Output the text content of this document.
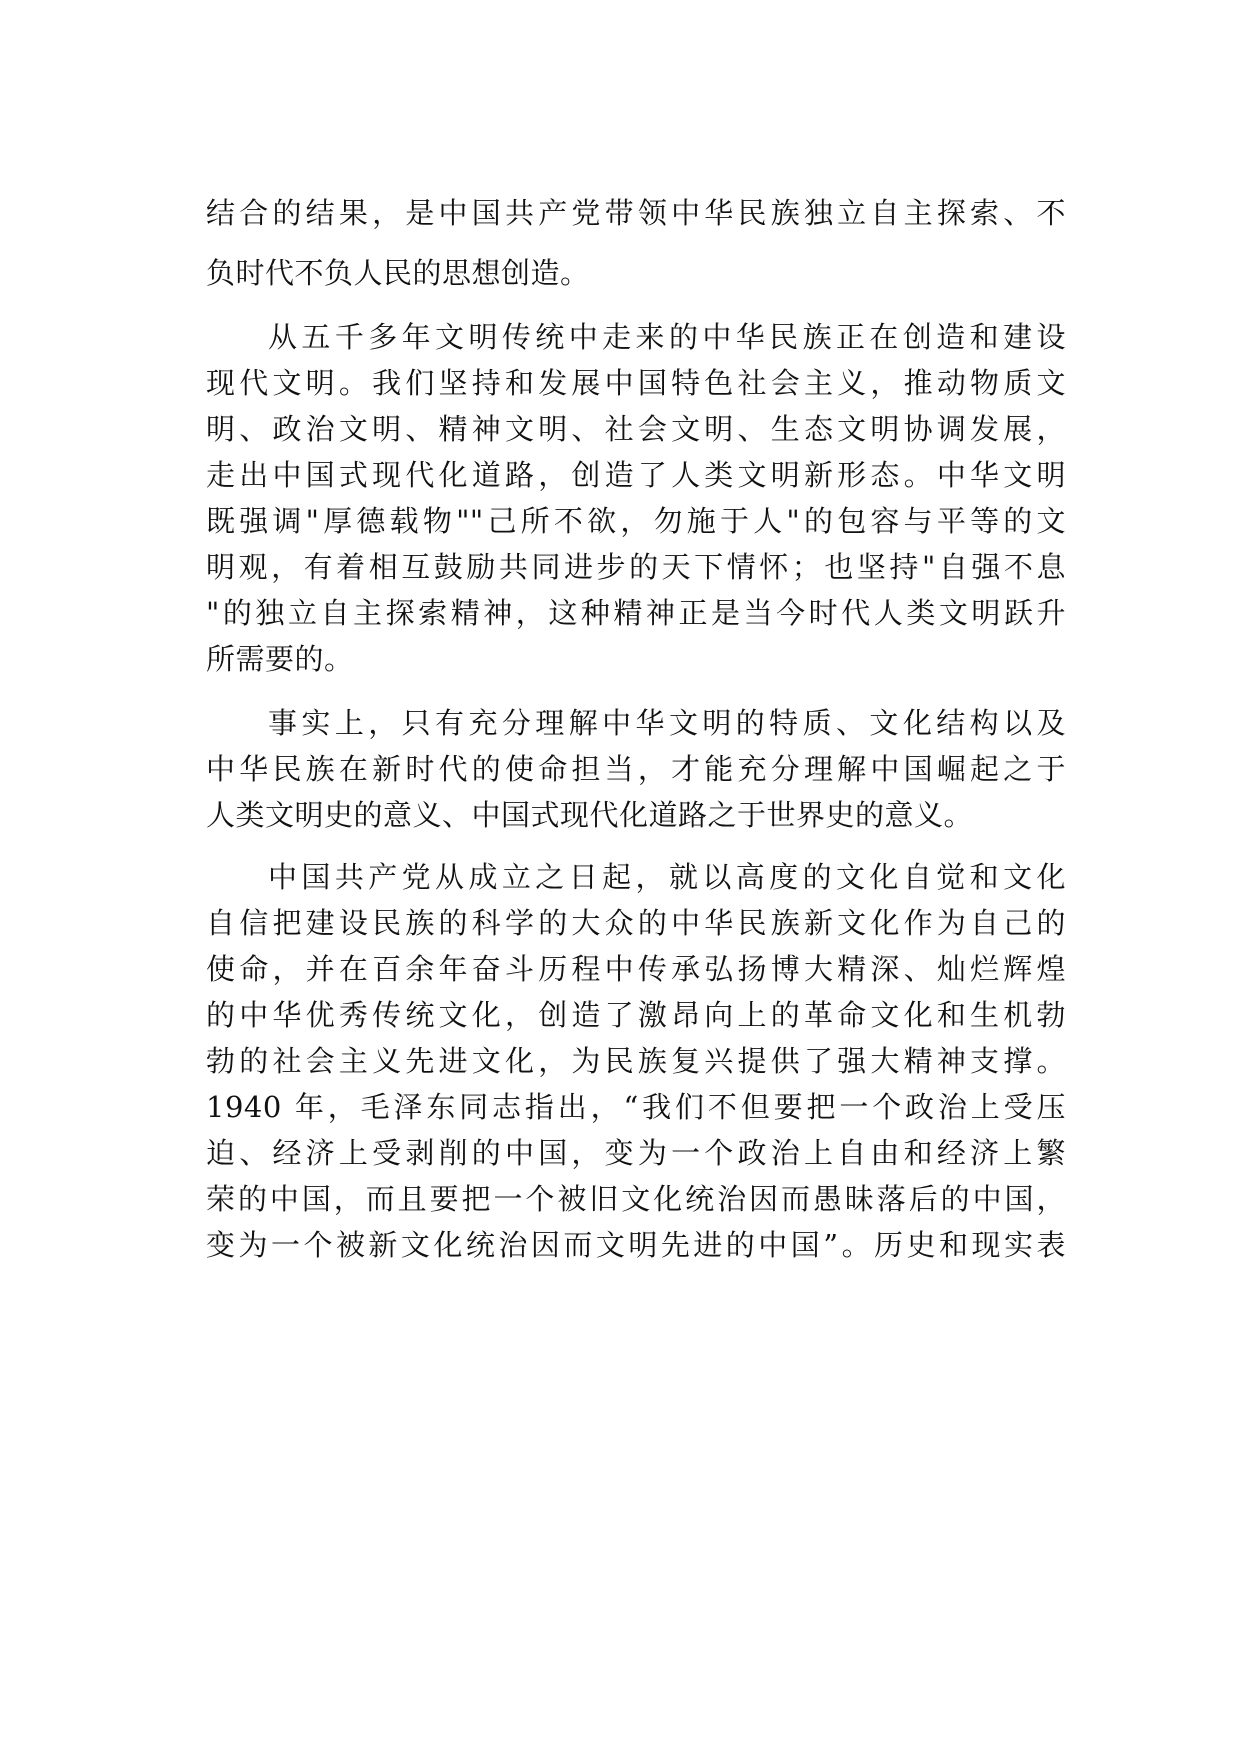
结合的结果，是中国共产党带领中华民族独立自主探索、不
负时代不负人民的思想创造。
从五千多年文明传统中走来的中华民族正在创造和建设
现代文明。我们坚持和发展中国特色社会主义，推动物质文
明、政治文明、精神文明、社会文明、生态文明协调发展，
走出中国式现代化道路，创造了人类文明新形态。中华文明
既强调"厚德载物""己所不欲，勿施于人"的包容与平等的文
明观，有着相互鼓励共同进步的天下情怀；也坚持"自强不息
"的独立自主探索精神，这种精神正是当今时代人类文明跃升
所需要的。
事实上，只有充分理解中华文明的特质、文化结构以及
中华民族在新时代的使命担当，才能充分理解中国崛起之于
人类文明史的意义、中国式现代化道路之于世界史的意义。
中国共产党从成立之日起，就以高度的文化自觉和文化
自信把建设民族的科学的大众的中华民族新文化作为自己的
使命，并在百余年奋斗历程中传承弘扬博大精深、灿烂辉煌
的中华优秀传统文化，创造了激昂向上的革命文化和生机勃
勃的社会主义先进文化，为民族复兴提供了强大精神支撑。
1940 年，毛泽东同志指出，“我们不但要把一个政治上受压
迫、经济上受剥削的中国，变为一个政治上自由和经济上繁
荣的中国，而且要把一个被旧文化统治因而愚昧落后的中国，
变为一个被新文化统治因而文明先进的中国”。历史和现实表
